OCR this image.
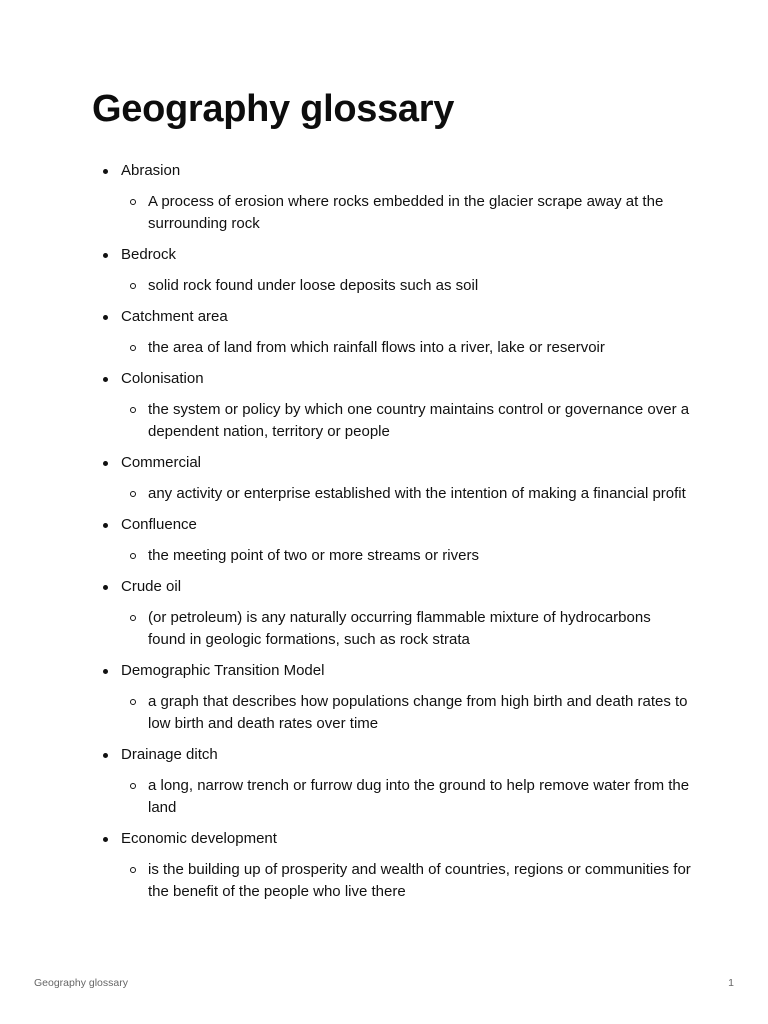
Geography glossary
Abrasion
A process of erosion where rocks embedded in the glacier scrape away at the surrounding rock
Bedrock
solid rock found under loose deposits such as soil
Catchment area
the area of land from which rainfall flows into a river, lake or reservoir
Colonisation
the system or policy by which one country maintains control or governance over a dependent nation, territory or people
Commercial
any activity or enterprise established with the intention of making a financial profit
Confluence
the meeting point of two or more streams or rivers
Crude oil
(or petroleum) is any naturally occurring flammable mixture of hydrocarbons found in geologic formations, such as rock strata
Demographic Transition Model
a graph that describes how populations change from high birth and death rates to low birth and death rates over time
Drainage ditch
a long, narrow trench or furrow dug into the ground to help remove water from the land
Economic development
is the building up of prosperity and wealth of countries, regions or communities for the benefit of the people who live there
Geography glossary	1
